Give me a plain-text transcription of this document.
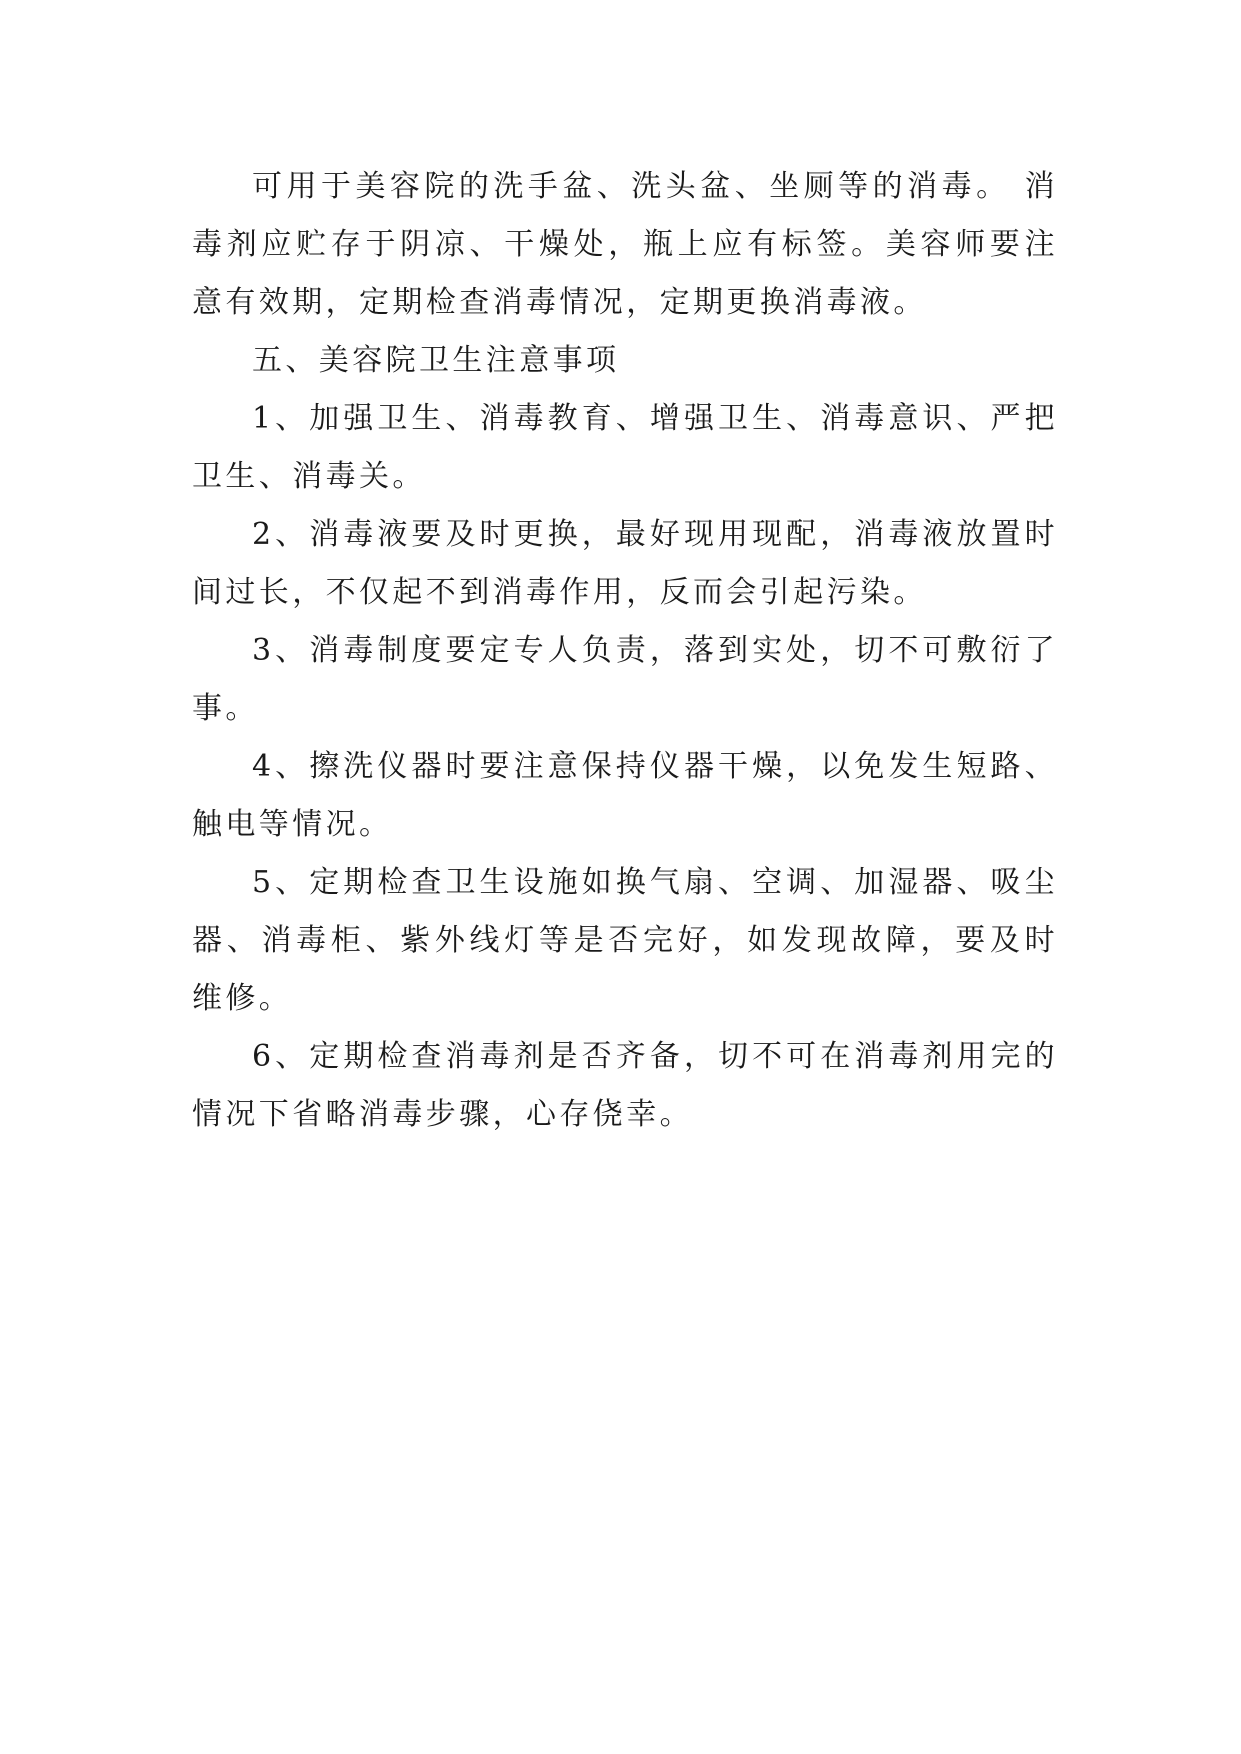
可用于美容院的洗手盆、洗头盆、坐厕等的消毒。 消毒剂应贮存于阴凉、干燥处，瓶上应有标签。美容师要注意有效期，定期检查消毒情况，定期更换消毒液。

五、美容院卫生注意事项

1、加强卫生、消毒教育、增强卫生、消毒意识、严把卫生、消毒关。

2、消毒液要及时更换，最好现用现配，消毒液放置时间过长，不仅起不到消毒作用，反而会引起污染。

3、消毒制度要定专人负责，落到实处，切不可敷衍了事。

4、擦洗仪器时要注意保持仪器干燥，以免发生短路、触电等情况。

5、定期检查卫生设施如换气扇、空调、加湿器、吸尘器、消毒柜、紫外线灯等是否完好，如发现故障，要及时维修。

6、定期检查消毒剂是否齐备，切不可在消毒剂用完的情况下省略消毒步骤，心存侥幸。
